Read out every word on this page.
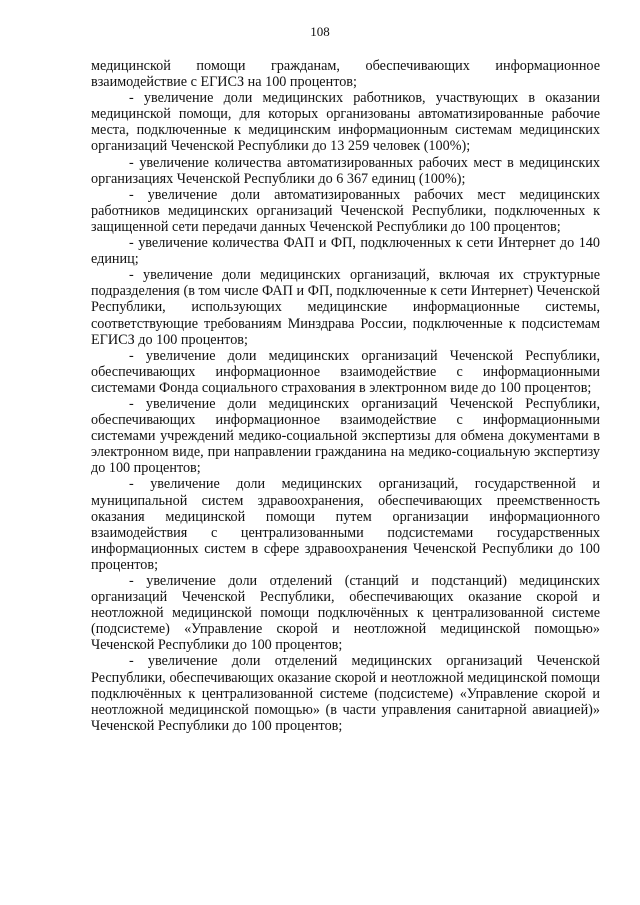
108

медицинской помощи гражданам, обеспечивающих информационное взаимодействие с ЕГИСЗ на 100 процентов;

- увеличение доли медицинских работников, участвующих в оказании медицинской помощи, для которых организованы автоматизированные рабочие места, подключенные к медицинским информационным системам медицинских организаций Чеченской Республики до 13 259 человек (100%);

- увеличение количества автоматизированных рабочих мест в медицинских организациях Чеченской Республики до 6 367 единиц (100%);

- увеличение доли автоматизированных рабочих мест медицинских работников медицинских организаций Чеченской Республики, подключенных к защищенной сети передачи данных Чеченской Республики до 100 процентов;

- увеличение количества ФАП и ФП, подключенных к сети Интернет до 140 единиц;

- увеличение доли медицинских организаций, включая их структурные подразделения (в том числе ФАП и ФП, подключенные к сети Интернет) Чеченской Республики, использующих медицинские информационные системы, соответствующие требованиям Минздрава России, подключенные к подсистемам ЕГИСЗ до 100 процентов;

- увеличение доли медицинских организаций Чеченской Республики, обеспечивающих информационное взаимодействие с информационными системами Фонда социального страхования в электронном виде до 100 процентов;

- увеличение доли медицинских организаций Чеченской Республики, обеспечивающих информационное взаимодействие с информационными системами учреждений медико-социальной экспертизы для обмена документами в электронном виде, при направлении гражданина на медико-социальную экспертизу до 100 процентов;

- увеличение доли медицинских организаций, государственной и муниципальной систем здравоохранения, обеспечивающих преемственность оказания медицинской помощи путем организации информационного взаимодействия с централизованными подсистемами государственных информационных систем в сфере здравоохранения Чеченской Республики до 100 процентов;

- увеличение доли отделений (станций и подстанций) медицинских организаций Чеченской Республики, обеспечивающих оказание скорой и неотложной медицинской помощи подключённых к централизованной системе (подсистеме) «Управление скорой и неотложной медицинской помощью» Чеченской Республики до 100 процентов;

- увеличение доли отделений медицинских организаций Чеченской Республики, обеспечивающих оказание скорой и неотложной медицинской помощи подключённых к централизованной системе (подсистеме) «Управление скорой и неотложной медицинской помощью» (в части управления санитарной авиацией)» Чеченской Республики до 100 процентов;
